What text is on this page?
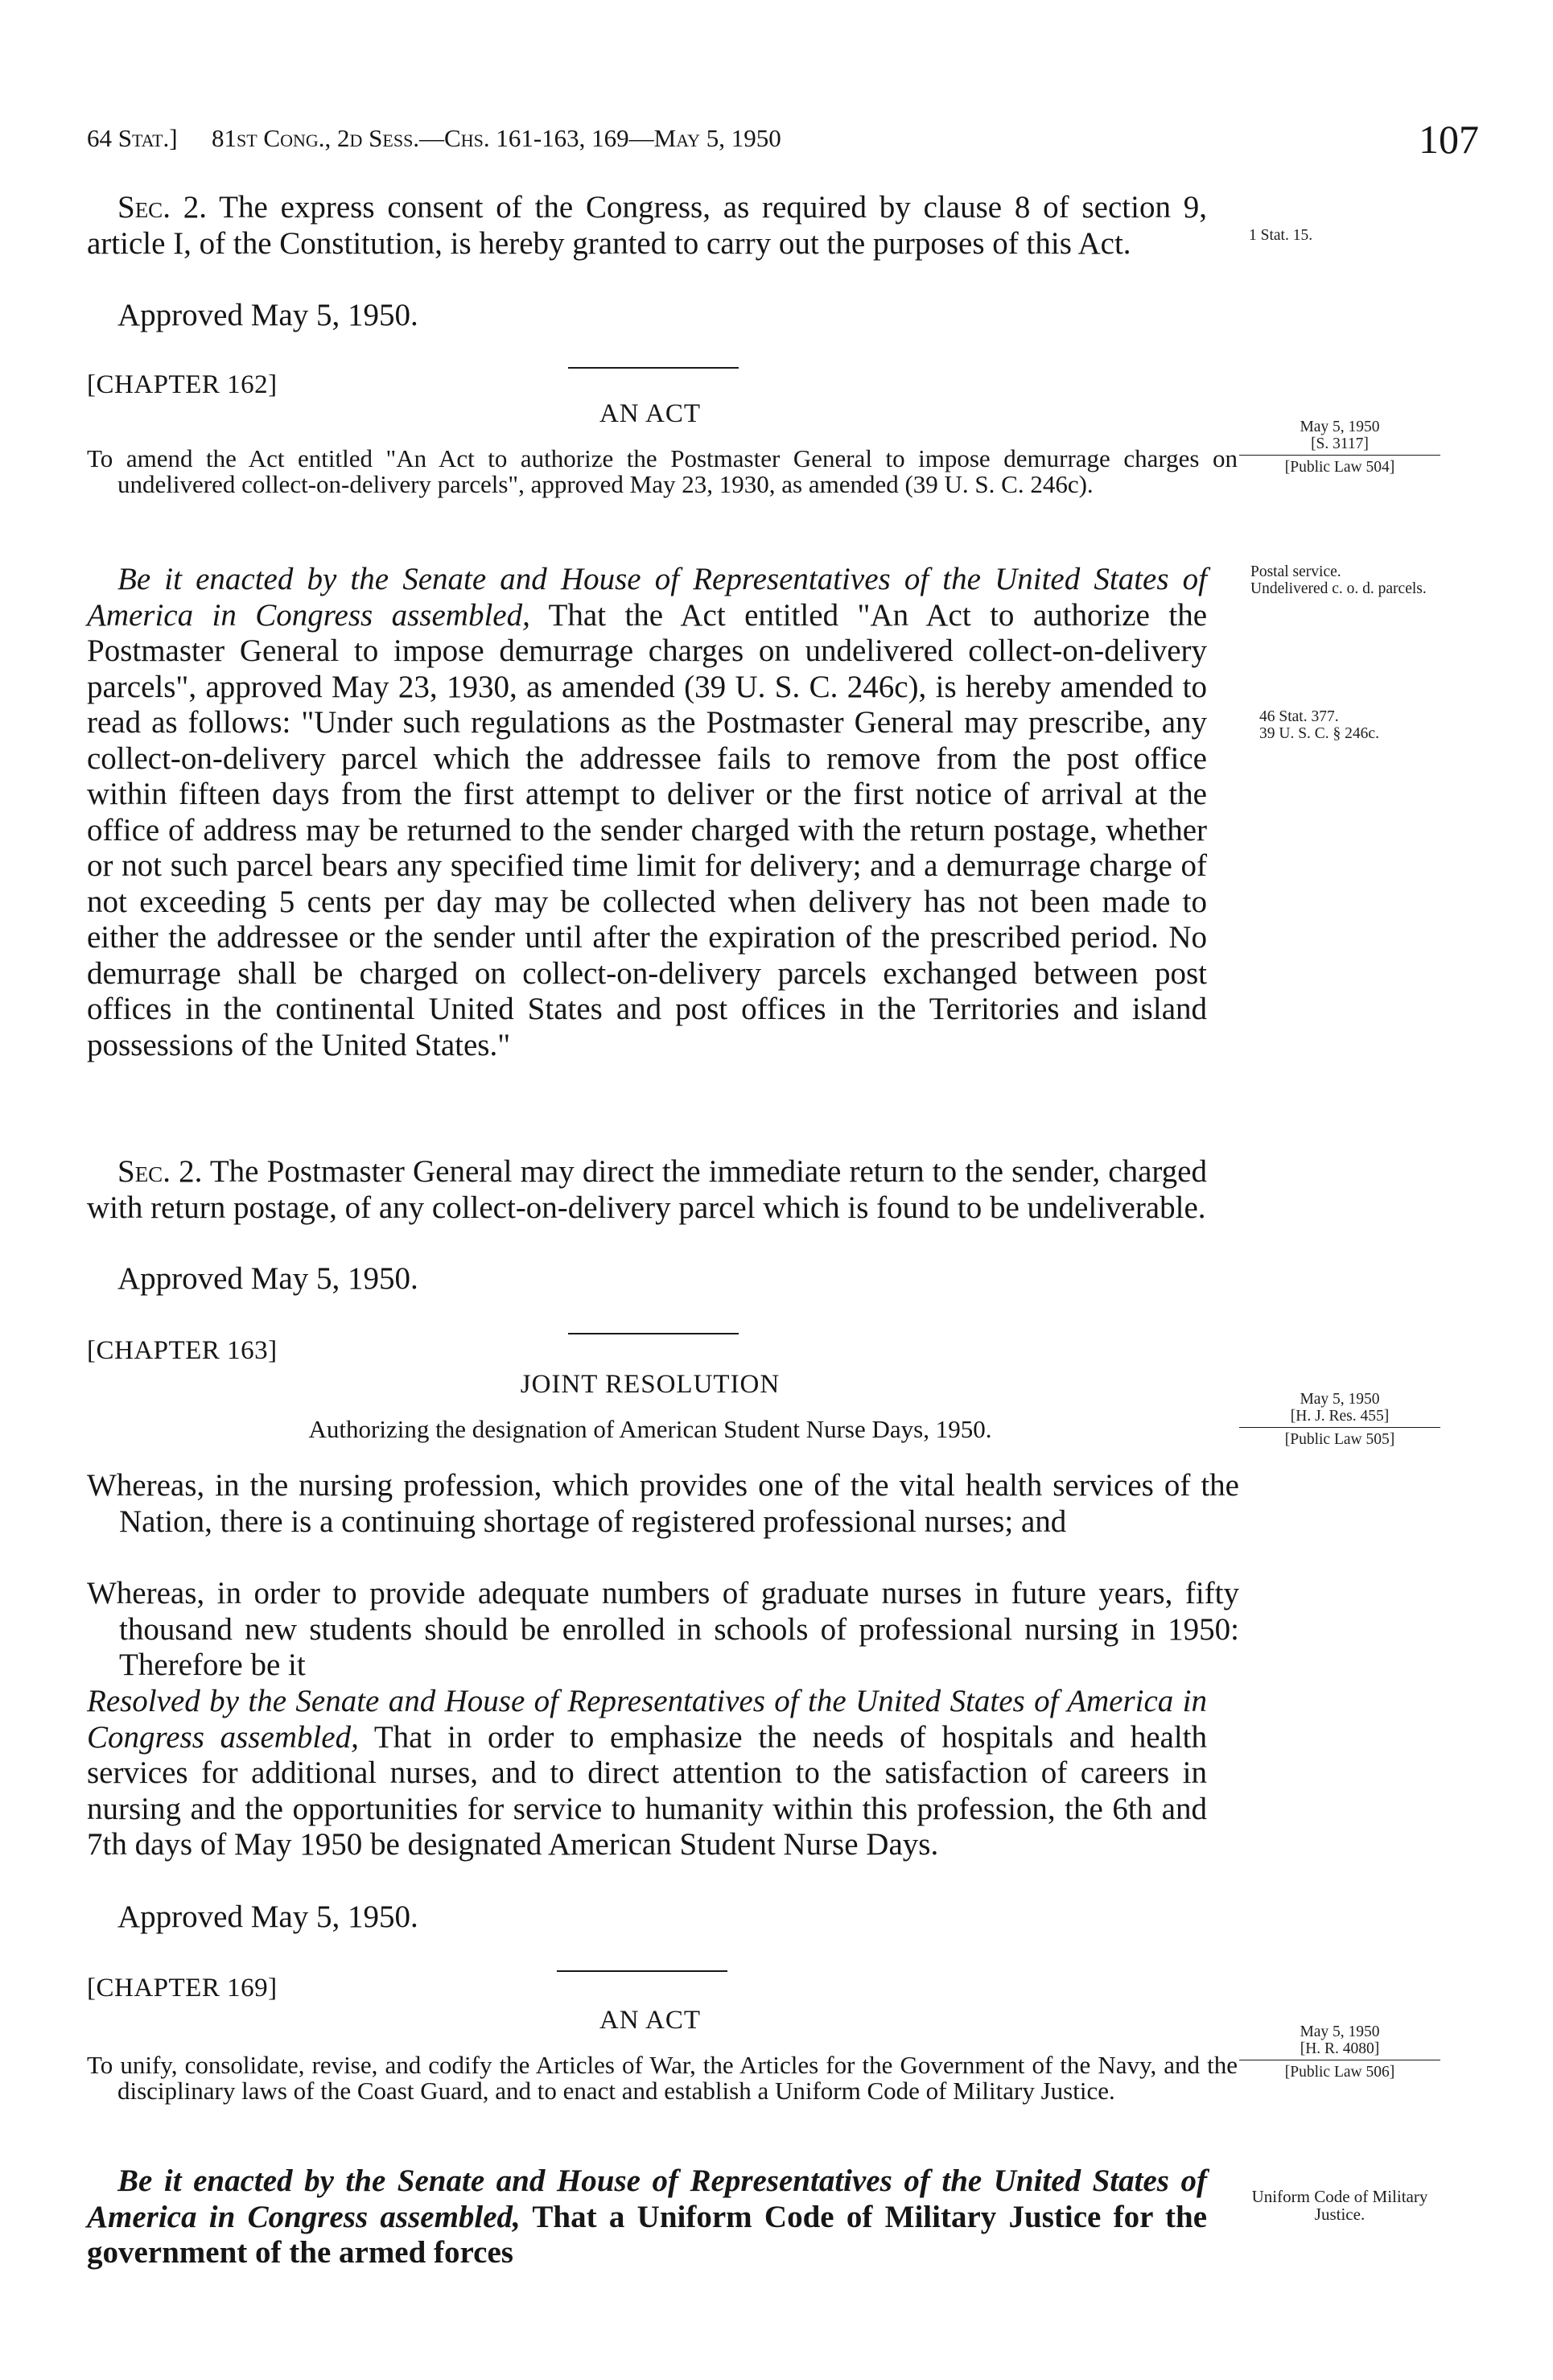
64 Stat.] 81st Cong., 2d Sess.—Chs. 161-163, 169—May 5, 1950	107
Sec. 2. The express consent of the Congress, as required by clause 8 of section 9, article I, of the Constitution, is hereby granted to carry out the purposes of this Act.
Approved May 5, 1950.
1 Stat. 15.
[CHAPTER 162]
AN ACT
To amend the Act entitled "An Act to authorize the Postmaster General to impose demurrage charges on undelivered collect-on-delivery parcels", approved May 23, 1930, as amended (39 U. S. C. 246c).
May 5, 1950
[S. 3117]
[Public Law 504]
Be it enacted by the Senate and House of Representatives of the United States of America in Congress assembled, That the Act entitled "An Act to authorize the Postmaster General to impose demurrage charges on undelivered collect-on-delivery parcels", approved May 23, 1930, as amended (39 U. S. C. 246c), is hereby amended to read as follows: "Under such regulations as the Postmaster General may prescribe, any collect-on-delivery parcel which the addressee fails to remove from the post office within fifteen days from the first attempt to deliver or the first notice of arrival at the office of address may be returned to the sender charged with the return postage, whether or not such parcel bears any specified time limit for delivery; and a demurrage charge of not exceeding 5 cents per day may be collected when delivery has not been made to either the addressee or the sender until after the expiration of the prescribed period. No demurrage shall be charged on collect-on-delivery parcels exchanged between post offices in the continental United States and post offices in the Territories and island possessions of the United States."
Sec. 2. The Postmaster General may direct the immediate return to the sender, charged with return postage, of any collect-on-delivery parcel which is found to be undeliverable.
Approved May 5, 1950.
Postal service.
Undelivered c. o. d. parcels.
46 Stat. 377.
39 U. S. C. § 246c.
[CHAPTER 163]
JOINT RESOLUTION
Authorizing the designation of American Student Nurse Days, 1950.
May 5, 1950
[H. J. Res. 455]
[Public Law 505]
Whereas, in the nursing profession, which provides one of the vital health services of the Nation, there is a continuing shortage of registered professional nurses; and
Whereas, in order to provide adequate numbers of graduate nurses in future years, fifty thousand new students should be enrolled in schools of professional nursing in 1950: Therefore be it
Resolved by the Senate and House of Representatives of the United States of America in Congress assembled, That in order to emphasize the needs of hospitals and health services for additional nurses, and to direct attention to the satisfaction of careers in nursing and the opportunities for service to humanity within this profession, the 6th and 7th days of May 1950 be designated American Student Nurse Days.
Approved May 5, 1950.
[CHAPTER 169]
AN ACT
To unify, consolidate, revise, and codify the Articles of War, the Articles for the Government of the Navy, and the disciplinary laws of the Coast Guard, and to enact and establish a Uniform Code of Military Justice.
May 5, 1950
[H. R. 4080]
[Public Law 506]
Be it enacted by the Senate and House of Representatives of the United States of America in Congress assembled, That a Uniform Code of Military Justice for the government of the armed forces
Uniform Code of Military Justice.
